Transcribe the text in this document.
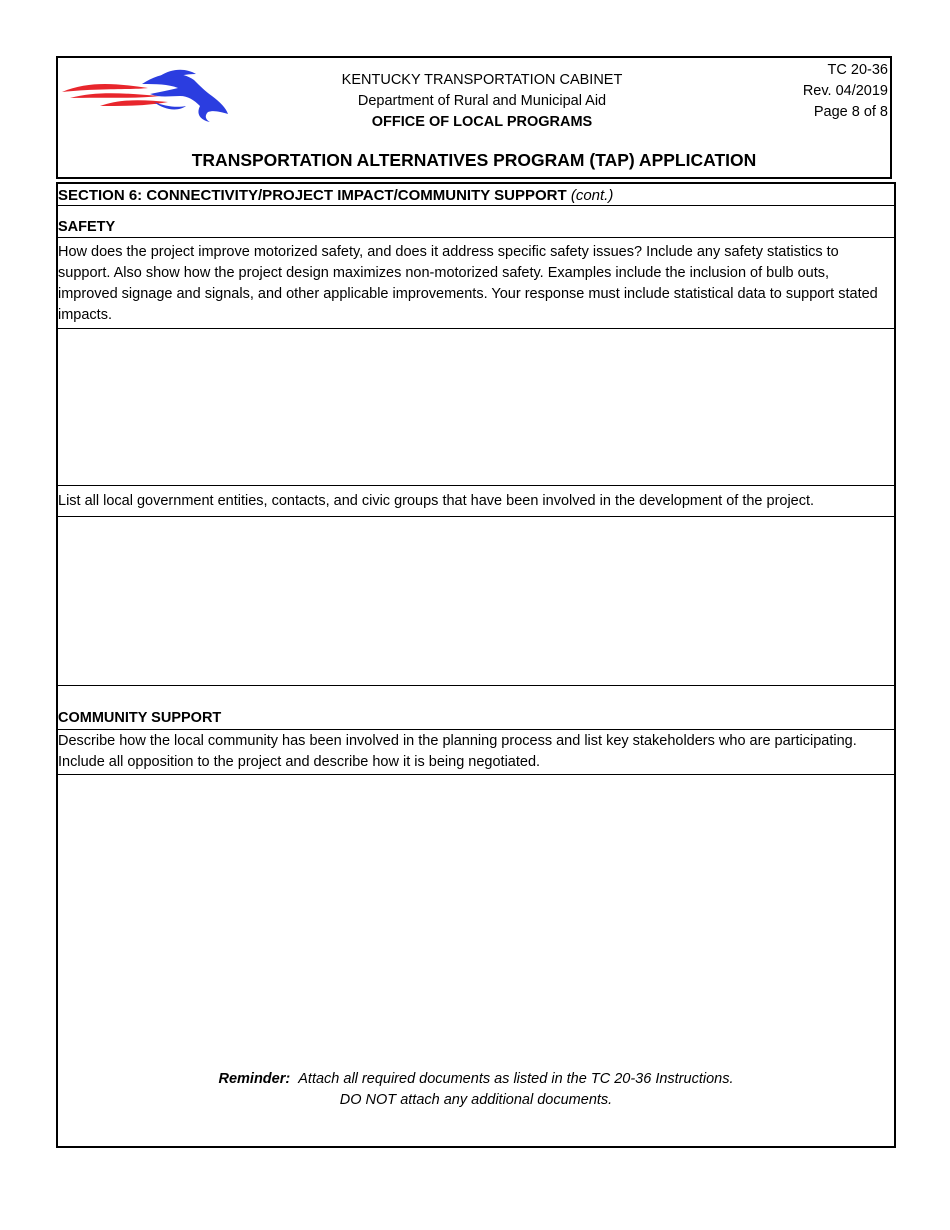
KENTUCKY TRANSPORTATION CABINET
Department of Rural and Municipal Aid
OFFICE OF LOCAL PROGRAMS
TC 20-36
Rev. 04/2019
Page 8 of 8
TRANSPORTATION ALTERNATIVES PROGRAM (TAP) APPLICATION
SECTION 6: CONNECTIVITY/PROJECT IMPACT/COMMUNITY SUPPORT (cont.)
SAFETY
How does the project improve motorized safety, and does it address specific safety issues? Include any safety statistics to support. Also show how the project design maximizes non-motorized safety. Examples include the inclusion of bulb outs, improved signage and signals, and other applicable improvements. Your response must include statistical data to support stated impacts.
List all local government entities, contacts, and civic groups that have been involved in the development of the project.
COMMUNITY SUPPORT
Describe how the local community has been involved in the planning process and list key stakeholders who are participating. Include all opposition to the project and describe how it is being negotiated.
Reminder: Attach all required documents as listed in the TC 20-36 Instructions.
DO NOT attach any additional documents.
